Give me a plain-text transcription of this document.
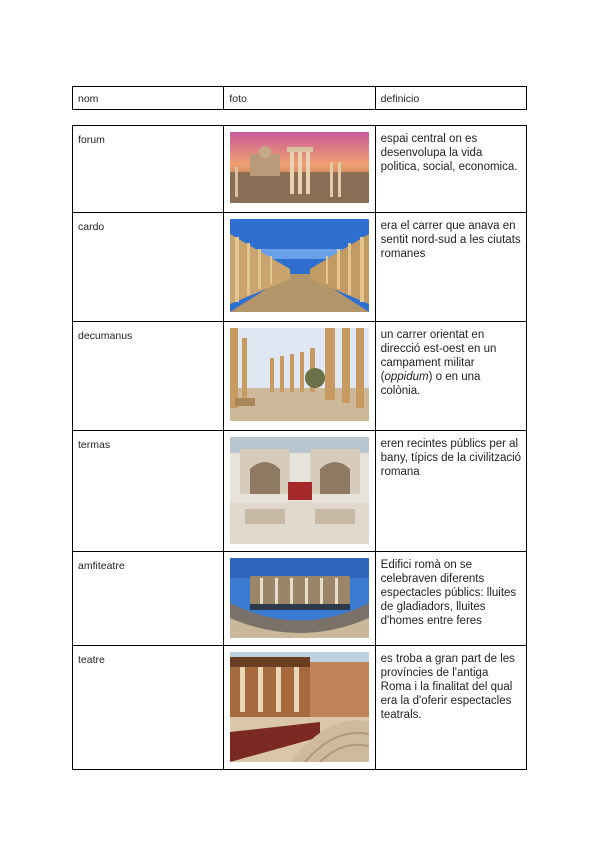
nom	foto	definicio
forum		espai central on es desenvolupa la vida politica, social, economica.
cardo		era el carrer que anava en sentit nord-sud a les ciutats romanes
decumanus		un carrer orientat en direcció est-oest en un campament militar (oppidum) o en una colònia.
termas		eren recintes públics per al bany, típics de la civilització romana
amfiteatre		Edifici romà on se celebraven diferents espectacles públics: lluites de gladiadors, lluites d'homes entre feres
teatre		es troba a gran part de les províncies de l'antiga Roma i la finalitat del qual era la d'oferir espectacles teatrals.
